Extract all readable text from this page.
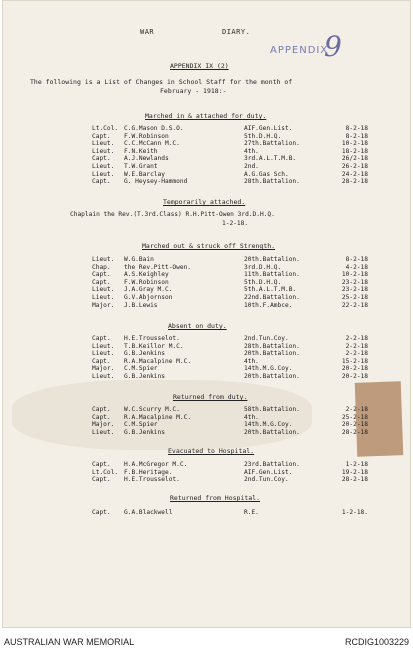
WAR	DIARY.
APPENDIX
9
APPENDIX IX (2)
The following is a List of Changes in School Staff for the month of
February - 1918:-
Marched in & attached for duty.
Lt.Col. C.G.Mason D.S.O.	AIF.Gen.List.	8-2-18
Capt.	F.W.Robinson	5th.D.H.Q.	8-2-18
Lieut.	C.C.McCann M.C.	27th.Battalion.	10-2-18
Lieut.	F.N.Keith	4th.	18-2-18
Capt.	A.J.Newlands	3rd.A.L.T.M.B.	26/2-18
Lieut.	T.W.Grant	2nd.	26-2-18
Lieut.	W.E.Barclay	A.G.Gas Sch.	24-2-18
Capt.	G. Heysey-Hammond	28th.Battalion.	28-2-18
Temporarily attached.
Chaplain the Rev.(T.3rd.Class) R.H.Pitt-Owen 3rd.D.H.Q.
1-2-18.
Marched out & struck off Strength.
Lieut.	W.G.Bain	20th.Battalion.	8-2-18
Chap.	the Rev.Pitt-Owen.	3rd.D.H.Q.	4-2-18
Capt.	A.S.Keighley	11th.Battalion.	10-2-18
Capt.	F.W.Robinson	5th.D.H.Q.	23-2-18
Lieut.	J.A.Gray M.C.	5th.A.L.T.M.B.	23-2-18
Lieut.	G.V.Abjornson	22nd.Battalion.	25-2-18
Major.	J.B.Lewis	10th.F.Ambce.	22-2-18
Absent on duty.
Capt.	H.E.Trousselot.	2nd.Tun.Coy.	2-2-18
Lieut.	T.B.Keillor M.C.	28th.Battalion.	2-2-18
Lieut.	G.B.Jenkins	20th.Battalion.	2-2-18
Capt.	R.A.Macalpine M.C.	4th.	15-2-18
Major.	C.M.Spier	14th.M.G.Coy.	20-2-18
Lieut.	G.B.Jenkins	20th.Battalion.	20-2-18
Returned from duty.
Capt.	W.C.Scurry M.C.	58th.Battalion.	2-2-18
Capt.	R.A.Macalpine M.C.	4th.	25-2-18
Major.	C.M.Spier	14th.M.G.Coy.	20-2-18
Lieut.	G.B.Jenkins	20th.Battalion.	28-2-18
Evacuated to Hospital.
Capt.	H.A.McGregor M.C.	23rd.Battalion.	1-2-18
Lt.Col. F.B.Heritage.	AIF.Gen.List.	19-2-18
Capt.	H.E.Trousselot.	2nd.Tun.Coy.	28-2-18
Returned from Hospital.
Capt.	G.A.Blackwell	R.E.	1-2-18.
AUSTRALIAN WAR MEMORIAL	RCDIG1003229
